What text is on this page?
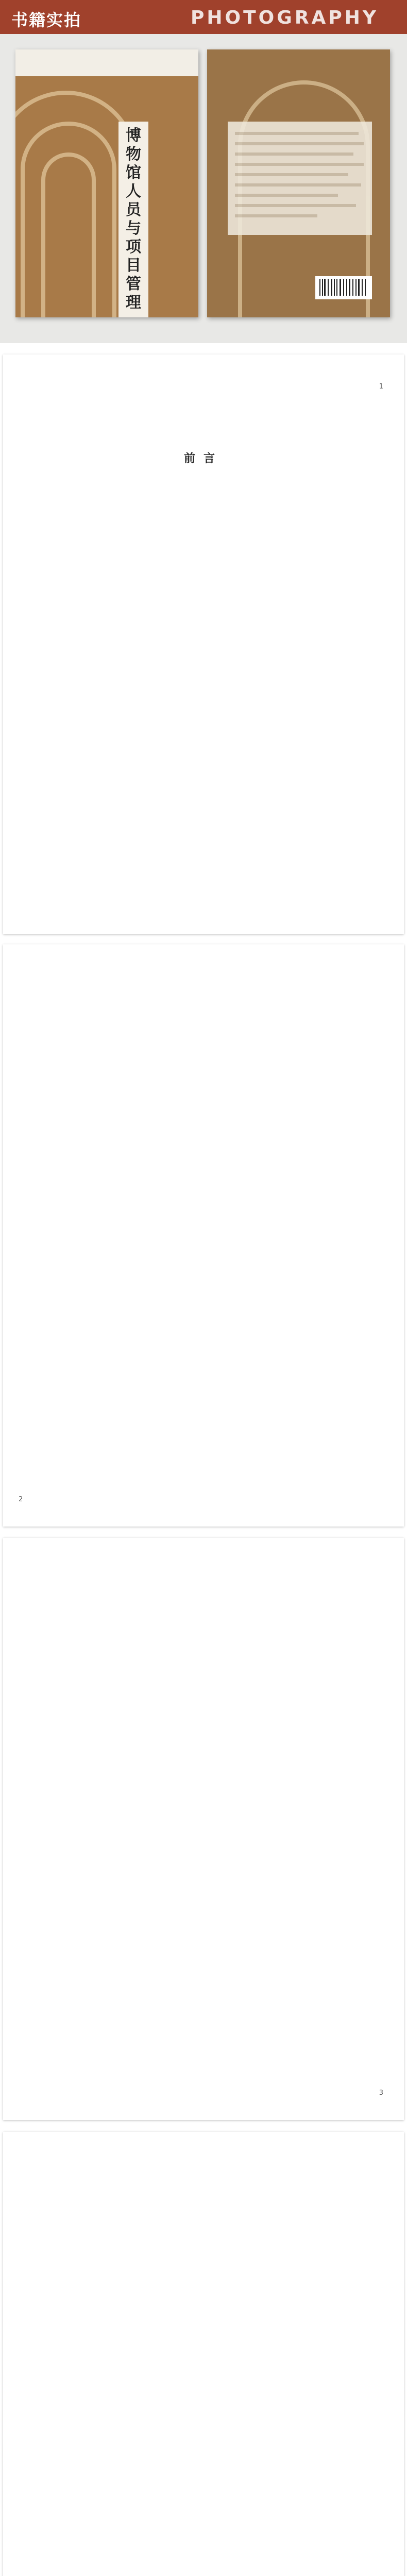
书籍实拍	PHOTOGRAPHY
博物馆人员与项目管理
1
前言

2

3
